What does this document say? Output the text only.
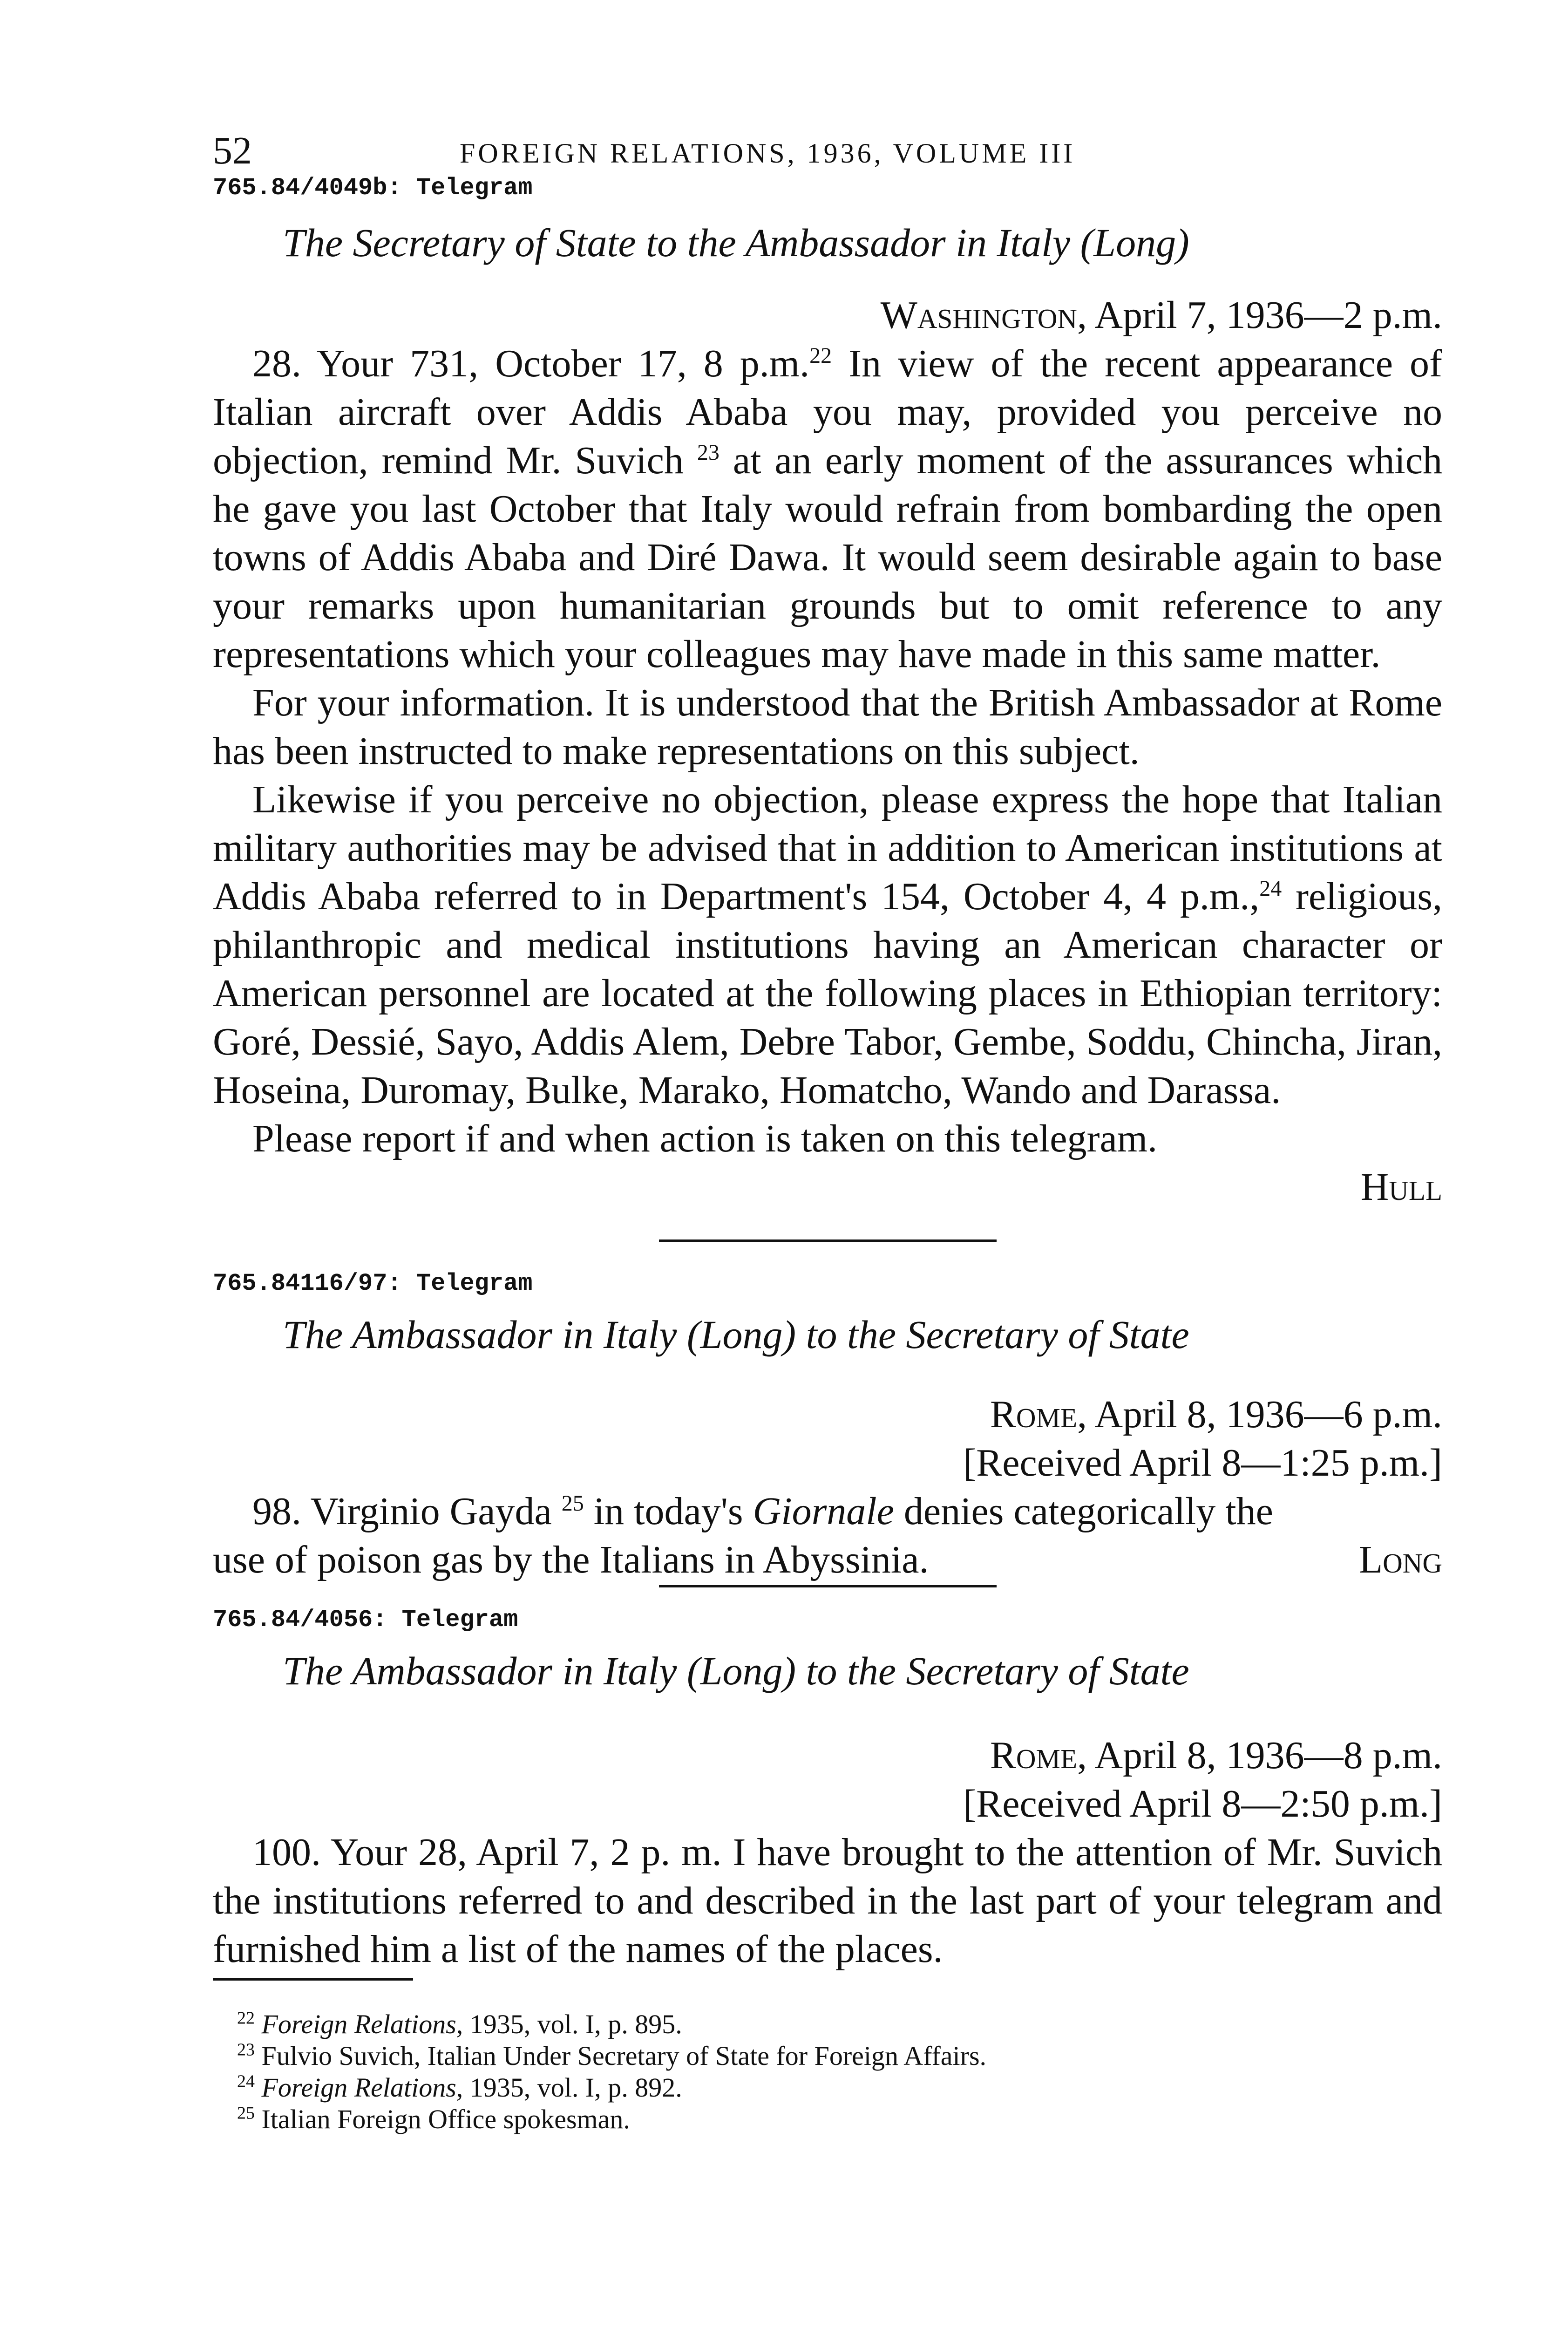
52	FOREIGN RELATIONS, 1936, VOLUME III

765.84/4049b: Telegram

The Secretary of State to the Ambassador in Italy (Long)

Washington, April 7, 1936—2 p.m.

28. Your 731, October 17, 8 p.m.$^{22}$ In view of the recent appearance of Italian aircraft over Addis Ababa you may, provided you perceive no objection, remind Mr. Suvich $^{23}$ at an early moment of the assurances which he gave you last October that Italy would refrain from bombarding the open towns of Addis Ababa and Diré Dawa. It would seem desirable again to base your remarks upon humanitarian grounds but to omit reference to any representations which your colleagues may have made in this same matter.

For your information. It is understood that the British Ambassador at Rome has been instructed to make representations on this subject.

Likewise if you perceive no objection, please express the hope that Italian military authorities may be advised that in addition to American institutions at Addis Ababa referred to in Department's 154, October 4, 4 p.m.,$^{24}$ religious, philanthropic and medical institutions having an American character or American personnel are located at the following places in Ethiopian territory: Goré, Dessié, Sayo, Addis Alem, Debre Tabor, Gembe, Soddu, Chincha, Jiran, Hoseina, Duromay, Bulke, Marako, Homatcho, Wando and Darassa.

Please report if and when action is taken on this telegram.

Hull

765.84116/97: Telegram

The Ambassador in Italy (Long) to the Secretary of State

Rome, April 8, 1936—6 p.m.

[Received April 8—1:25 p.m.]

98. Virginio Gayda $^{25}$ in today's Giornale denies categorically the

use of poison gas by the Italians in Abyssinia.	Long

765.84/4056: Telegram

The Ambassador in Italy (Long) to the Secretary of State

Rome, April 8, 1936—8 p.m.

[Received April 8—2:50 p.m.]

100. Your 28, April 7, 2 p. m. I have brought to the attention of Mr. Suvich the institutions referred to and described in the last part of your telegram and furnished him a list of the names of the places.

$^{22}$ Foreign Relations, 1935, vol. I, p. 895.

$^{23}$ Fulvio Suvich, Italian Under Secretary of State for Foreign Affairs.

$^{24}$ Foreign Relations, 1935, vol. I, p. 892.

$^{25}$ Italian Foreign Office spokesman.
